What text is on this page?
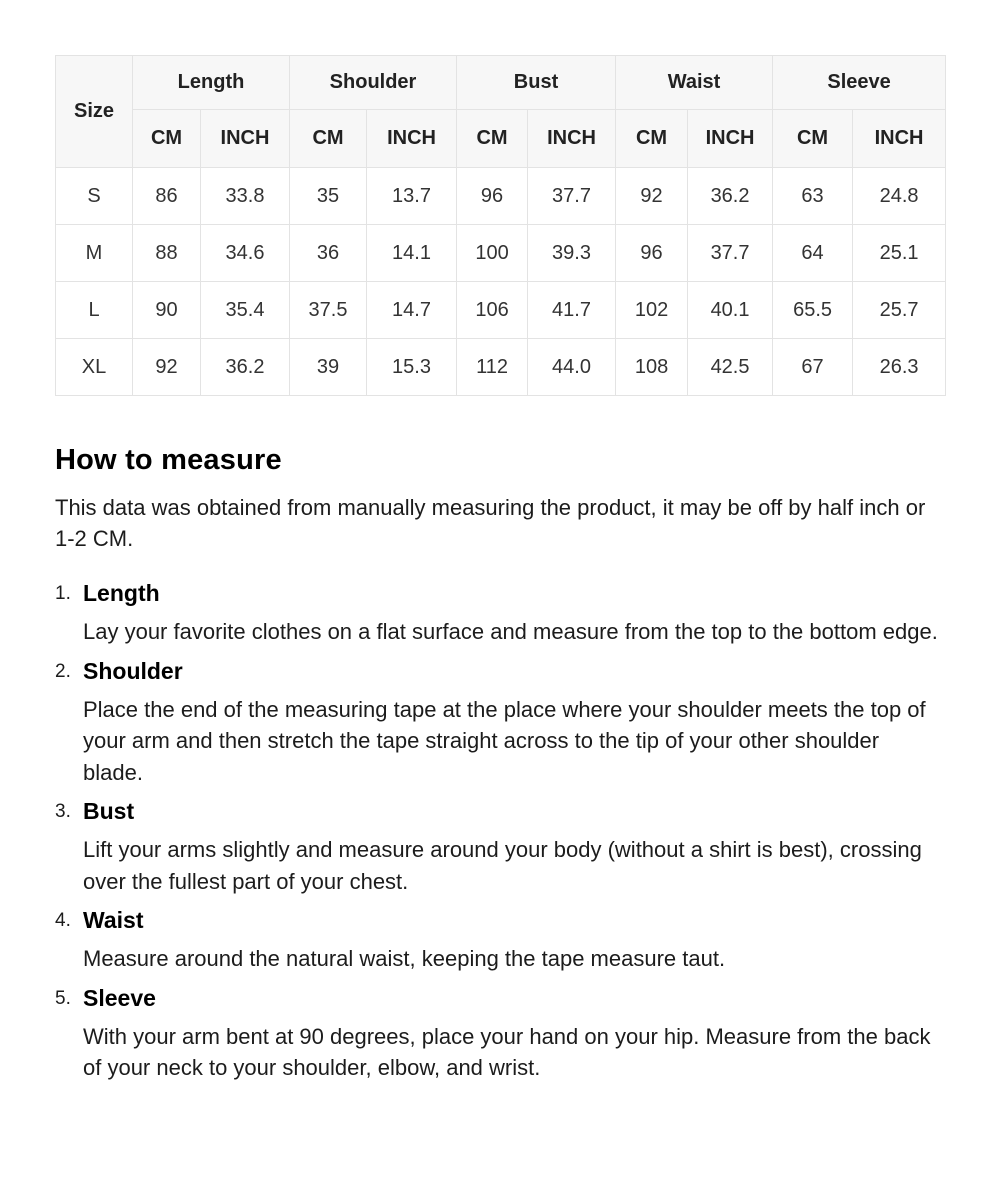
Size	Length		Shoulder		Bust		Waist		Sleeve	
	CM	INCH	CM	INCH	CM	INCH	CM	INCH	CM	INCH
S	86	33.8	35	13.7	96	37.7	92	36.2	63	24.8
M	88	34.6	36	14.1	100	39.3	96	37.7	64	25.1
L	90	35.4	37.5	14.7	106	41.7	102	40.1	65.5	25.7
XL	92	36.2	39	15.3	112	44.0	108	42.5	67	26.3
How to measure

This data was obtained from manually measuring the product, it may be off by half inch or 1-2 CM.

1. Length

Lay your favorite clothes on a flat surface and measure from the top to the bottom edge.

2. Shoulder

Place the end of the measuring tape at the place where your shoulder meets the top of your arm and then stretch the tape straight across to the tip of your other shoulder blade.

3. Bust

Lift your arms slightly and measure around your body (without a shirt is best), crossing over the fullest part of your chest.

4. Waist

Measure around the natural waist, keeping the tape measure taut.

5. Sleeve

With your arm bent at 90 degrees, place your hand on your hip. Measure from the back of your neck to your shoulder, elbow, and wrist.
